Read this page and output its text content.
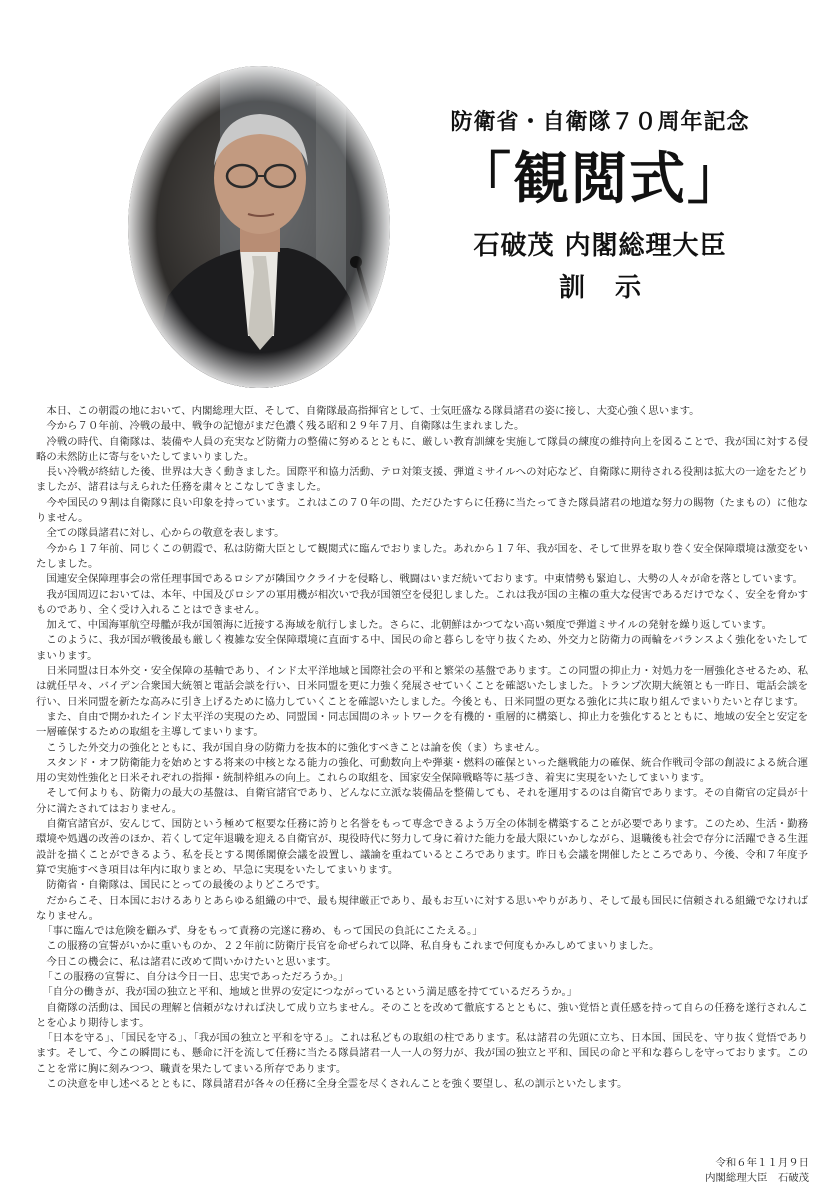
防衛省・自衛隊７０周年記念

「観閲式」

石破茂 内閣総理大臣

訓示

本日、この朝霞の地において、内閣総理大臣、そして、自衛隊最高指揮官として、士気旺盛なる隊員諸君の姿に接し、大変心強く思います。

今から７０年前、冷戦の最中、戦争の記憶がまだ色濃く残る昭和２９年７月、自衛隊は生まれました。

冷戦の時代、自衛隊は、装備や人員の充実など防衛力の整備に努めるとともに、厳しい教育訓練を実施して隊員の練度の維持向上を図ることで、我が国に対する侵略の未然防止に寄与をいたしてまいりました。

長い冷戦が終結した後、世界は大きく動きました。国際平和協力活動、テロ対策支援、弾道ミサイルへの対応など、自衛隊に期待される役割は拡大の一途をたどりましたが、諸君は与えられた任務を粛々とこなしてきました。

今や国民の９割は自衛隊に良い印象を持っています。これはこの７０年の間、ただひたすらに任務に当たってきた隊員諸君の地道な努力の賜物（たまもの）に他なりません。

全ての隊員諸君に対し、心からの敬意を表します。

今から１７年前、同じくこの朝霞で、私は防衛大臣として観閲式に臨んでおりました。あれから１７年、我が国を、そして世界を取り巻く安全保障環境は激変をいたしました。

国連安全保障理事会の常任理事国であるロシアが隣国ウクライナを侵略し、戦闘はいまだ続いております。中東情勢も緊迫し、大勢の人々が命を落としています。

我が国周辺においては、本年、中国及びロシアの軍用機が相次いで我が国領空を侵犯しました。これは我が国の主権の重大な侵害であるだけでなく、安全を脅かすものであり、全く受け入れることはできません。

加えて、中国海軍航空母艦が我が国領海に近接する海域を航行しました。さらに、北朝鮮はかつてない高い頻度で弾道ミサイルの発射を繰り返しています。

このように、我が国が戦後最も厳しく複雑な安全保障環境に直面する中、国民の命と暮らしを守り抜くため、外交力と防衛力の両輪をバランスよく強化をいたしてまいります。

日米同盟は日本外交・安全保障の基軸であり、インド太平洋地域と国際社会の平和と繁栄の基盤であります。この同盟の抑止力・対処力を一層強化させるため、私は就任早々、バイデン合衆国大統領と電話会談を行い、日米同盟を更に力強く発展させていくことを確認いたしました。トランプ次期大統領とも一昨日、電話会談を行い、日米同盟を新たな高みに引き上げるために協力していくことを確認いたしました。今後とも、日米同盟の更なる強化に共に取り組んでまいりたいと存じます。

また、自由で開かれたインド太平洋の実現のため、同盟国・同志国間のネットワークを有機的・重層的に構築し、抑止力を強化するとともに、地域の安全と安定を一層確保するための取組を主導してまいります。

こうした外交力の強化とともに、我が国自身の防衛力を抜本的に強化すべきことは論を俟（ま）ちません。

スタンド・オフ防衛能力を始めとする将来の中核となる能力の強化、可動数向上や弾薬・燃料の確保といった継戦能力の確保、統合作戦司令部の創設による統合運用の実効性強化と日米それぞれの指揮・統制枠組みの向上。これらの取組を、国家安全保障戦略等に基づき、着実に実現をいたしてまいります。

そして何よりも、防衛力の最大の基盤は、自衛官諸官であり、どんなに立派な装備品を整備しても、それを運用するのは自衛官であります。その自衛官の定員が十分に満たされてはおりません。

自衛官諸官が、安んじて、国防という極めて枢要な任務に誇りと名誉をもって専念できるよう万全の体制を構築することが必要であります。このため、生活・勤務環境や処遇の改善のほか、若くして定年退職を迎える自衛官が、現役時代に努力して身に着けた能力を最大限にいかしながら、退職後も社会で存分に活躍できる生涯設計を描くことができるよう、私を長とする関係閣僚会議を設置し、議論を重ねているところであります。昨日も会議を開催したところであり、今後、令和７年度予算で実施すべき項目は年内に取りまとめ、早急に実現をいたしてまいります。

防衛省・自衛隊は、国民にとっての最後のよりどころです。

だからこそ、日本国におけるありとあらゆる組織の中で、最も規律厳正であり、最もお互いに対する思いやりがあり、そして最も国民に信頼される組織でなければなりません。

「事に臨んでは危険を顧みず、身をもって責務の完遂に務め、もって国民の負託にこたえる。」

この服務の宣誓がいかに重いものか、２２年前に防衛庁長官を命ぜられて以降、私自身もこれまで何度もかみしめてまいりました。

今日この機会に、私は諸君に改めて問いかけたいと思います。

「この服務の宣誓に、自分は今日一日、忠実であっただろうか。」

「自分の働きが、我が国の独立と平和、地域と世界の安定につながっているという満足感を持てているだろうか。」

自衛隊の活動は、国民の理解と信頼がなければ決して成り立ちません。そのことを改めて徹底するとともに、強い覚悟と責任感を持って自らの任務を遂行されんことを心より期待します。

「日本を守る」、「国民を守る」、「我が国の独立と平和を守る」。これは私どもの取組の柱であります。私は諸君の先頭に立ち、日本国、国民を、守り抜く覚悟であります。そして、今この瞬間にも、懸命に汗を流して任務に当たる隊員諸君一人一人の努力が、我が国の独立と平和、国民の命と平和な暮らしを守っております。このことを常に胸に刻みつつ、職責を果たしてまいる所存であります。

この決意を申し述べるとともに、隊員諸君が各々の任務に全身全霊を尽くされんことを強く要望し、私の訓示といたします。

令和６年１１月９日
内閣総理大臣　石破茂
